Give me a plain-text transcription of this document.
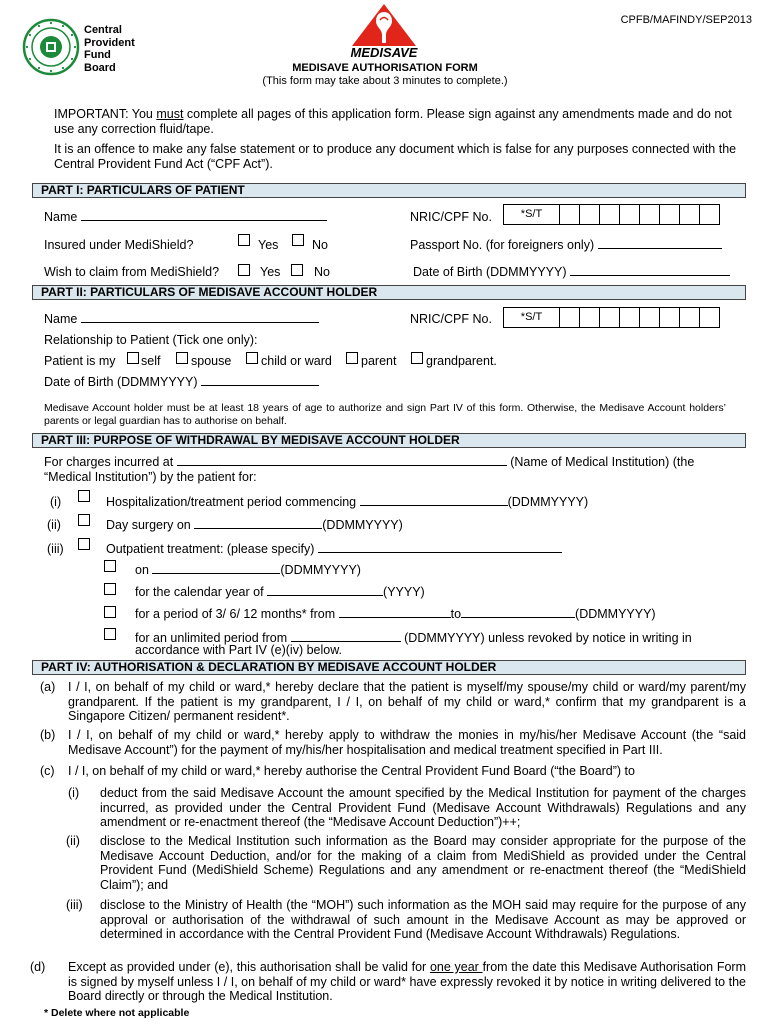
Central
Provident
Fund
Board
MEDISAVE
CPFB/MAFINDY/SEP2013
MEDISAVE AUTHORISATION FORM
(This form may take about 3 minutes to complete.)
IMPORTANT: You must complete all pages of this application form. Please sign against any amendments made and do not use any correction fluid/tape.
It is an offence to make any false statement or to produce any document which is false for any purposes connected with the Central Provident Fund Act (“CPF Act”).
PART I: PARTICULARS OF PATIENT
Name	NRIC/CPF No.	*S/T
Insured under MediShield?	Yes	No	Passport No. (for foreigners only)
Wish to claim from MediShield?	Yes	No	Date of Birth (DDMMYYYY)
PART II: PARTICULARS OF MEDISAVE ACCOUNT HOLDER
Name	NRIC/CPF No.	*S/T
Relationship to Patient (Tick one only):
Patient is my self spouse child or ward parent grandparent.
Date of Birth (DDMMYYYY)
Medisave Account holder must be at least 18 years of age to authorize and sign Part IV of this form. Otherwise, the Medisave Account holders’ parents or legal guardian has to authorise on behalf.
PART III: PURPOSE OF WITHDRAWAL BY MEDISAVE ACCOUNT HOLDER
For charges incurred at	(Name of Medical Institution) (the
“Medical Institution”) by the patient for:
(i)	Hospitalization/treatment period commencing	(DDMMYYYY)
(ii)	Day surgery on	(DDMMYYYY)
(iii)	Outpatient treatment: (please specify)
on	(DDMMYYYY)
for the calendar year of	(YYYY)
for a period of 3/ 6/ 12 months* from	to	(DDMMYYYY)
for an unlimited period from	(DDMMYYYY) unless revoked by notice in writing in
accordance with Part IV (e)(iv) below.
PART IV: AUTHORISATION & DECLARATION BY MEDISAVE ACCOUNT HOLDER
(a) I / I, on behalf of my child or ward,* hereby declare that the patient is myself/my spouse/my child or ward/my parent/my grandparent. If the patient is my grandparent, I / I, on behalf of my child or ward,* confirm that my grandparent is a Singapore Citizen/ permanent resident*.
(b) I / I, on behalf of my child or ward,* hereby apply to withdraw the monies in my/his/her Medisave Account (the “said Medisave Account”) for the payment of my/his/her hospitalisation and medical treatment specified in Part III.
(c) I / I, on behalf of my child or ward,* hereby authorise the Central Provident Fund Board (“the Board”) to
(i) deduct from the said Medisave Account the amount specified by the Medical Institution for payment of the charges incurred, as provided under the Central Provident Fund (Medisave Account Withdrawals) Regulations and any amendment or re-enactment thereof (the “Medisave Account Deduction”)++;
(ii) disclose to the Medical Institution such information as the Board may consider appropriate for the purpose of the Medisave Account Deduction, and/or for the making of a claim from MediShield as provided under the Central Provident Fund (MediShield Scheme) Regulations and any amendment or re-enactment thereof (the “MediShield Claim”); and
(iii) disclose to the Ministry of Health (the “MOH”) such information as the MOH said may require for the purpose of any approval or authorisation of the withdrawal of such amount in the Medisave Account as may be approved or determined in accordance with the Central Provident Fund (Medisave Account Withdrawals) Regulations.
(d) Except as provided under (e), this authorisation shall be valid for one year from the date this Medisave Authorisation Form is signed by myself unless I / I, on behalf of my child or ward* have expressly revoked it by notice in writing delivered to the Board directly or through the Medical Institution.
* Delete where not applicable
